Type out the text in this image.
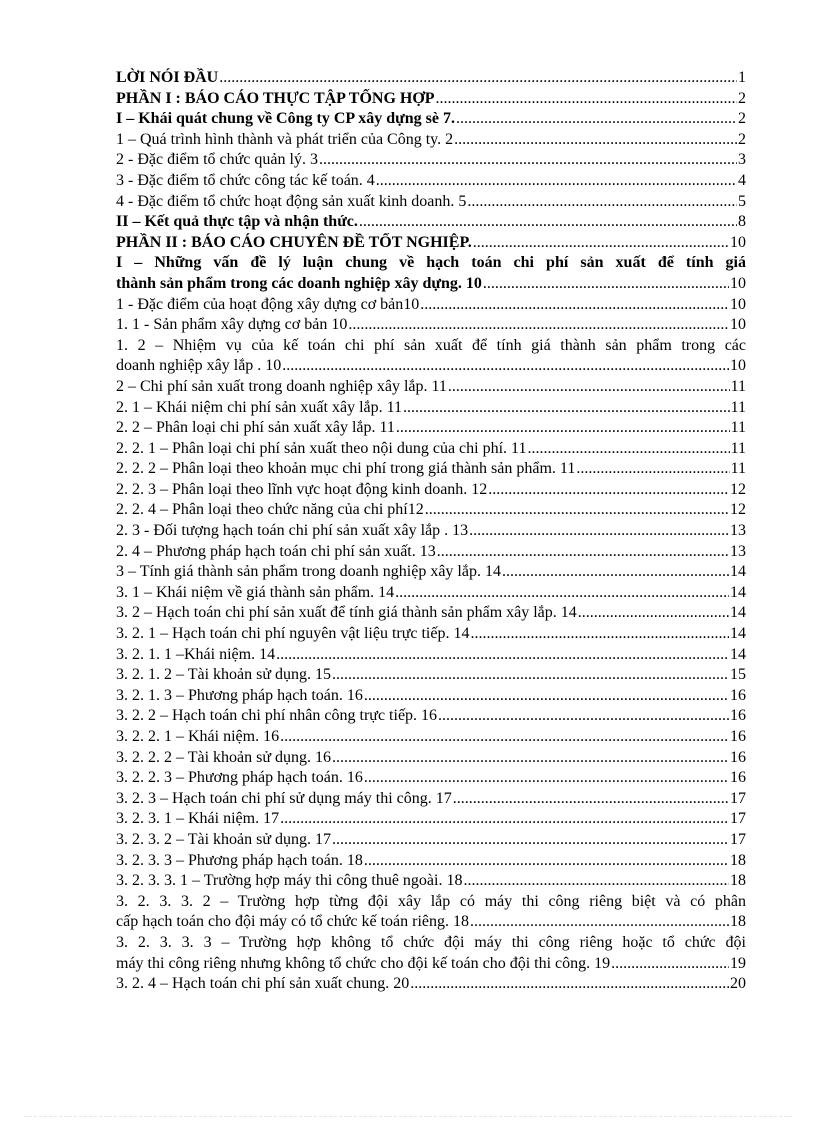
LỜI NÓI ĐẦU .....	1
PHẦN I : BÁO CÁO THỰC TẬP TỔNG HỢP .....	2
I – Khái quát chung về Công ty CP xây dựng sè 7. .....	2
1 – Quá trình hình thành và phát triển của Công ty. 2 .....	2
2 - Đặc điểm tổ chức quản lý. 3 .....	3
3 - Đặc điểm tổ chức công tác kế toán. 4 .....	4
4 - Đặc điểm tổ chức hoạt động sản xuất kinh doanh. 5 .....	5
II – Kết quả thực tập và nhận thức. .....	8
PHẦN II : BÁO CÁO CHUYÊN ĐỀ TỐT NGHIỆP. .....	10
I – Những vấn đề lý luận chung về hạch toán chi phí sản xuất để tính giá
thành sản phẩm trong các doanh nghiệp xây dựng. 10 .....	10
1 - Đặc điểm của hoạt động xây dựng cơ bản10 .....	10
1. 1 - Sản phẩm xây dựng cơ bản 10 .....	10
1. 2 – Nhiệm vụ của kế toán chi phí sản xuất để tính giá thành sản phẩm trong các
doanh nghiệp xây lắp . 10 .....	10
2 – Chi phí sản xuất trong doanh nghiệp xây lắp. 11 .....	11
2. 1 – Khái niệm chi phí sản xuất xây lắp. 11 .....	11
2. 2 – Phân loại chi phí sản xuất xây lắp. 11 .....	11
2. 2. 1 – Phân loại chi phí sản xuất theo nội dung của chi phí. 11 .....	11
2. 2. 2 – Phân loại theo khoản mục chi phí trong giá thành sản phẩm. 11 .....	11
2. 2. 3 – Phân loại theo lĩnh vực hoạt động kinh doanh. 12 .....	12
2. 2. 4 – Phân loại theo chức năng của chi phí12 .....	12
2. 3 - Đối tượng hạch toán chi phí sản xuất xây lắp . 13 .....	13
2. 4 – Phương pháp hạch toán chi phí sản xuất. 13 .....	13
3 – Tính giá thành sản phẩm trong doanh nghiệp xây lắp. 14 .....	14
3. 1 – Khái niệm về giá thành sản phẩm. 14 .....	14
3. 2 – Hạch toán chi phí sản xuất để tính giá thành sản phẩm xây lắp. 14 .....	14
3. 2. 1 – Hạch toán chi phí nguyên vật liệu trực tiếp. 14 .....	14
3. 2. 1. 1 –Khái niệm. 14 .....	14
3. 2. 1. 2 – Tài khoản sử dụng. 15 .....	15
3. 2. 1. 3 – Phương pháp hạch toán. 16 .....	16
3. 2. 2 – Hạch toán chi phí nhân công trực tiếp. 16 .....	16
3. 2. 2. 1 – Khái niệm. 16 .....	16
3. 2. 2. 2 – Tài khoản sử dụng. 16 .....	16
3. 2. 2. 3 – Phương pháp hạch toán. 16 .....	16
3. 2. 3 – Hạch toán chi phí sử dụng máy thi công. 17 .....	17
3. 2. 3. 1 – Khái niệm. 17 .....	17
3. 2. 3. 2 – Tài khoản sử dụng. 17 .....	17
3. 2. 3. 3 – Phương pháp hạch toán. 18 .....	18
3. 2. 3. 3. 1 – Trường hợp máy thi công thuê ngoài. 18 .....	18
3. 2. 3. 3. 2 – Trường hợp từng đội xây lắp có máy thi công riêng biệt và có phân
cấp hạch toán cho đội máy có tổ chức kế toán riêng. 18 .....	18
3. 2. 3. 3. 3 – Trường hợp không tổ chức đội máy thi công riêng hoặc tổ chức đội
máy thi công riêng nhưng không tổ chức cho đội kế toán cho đội thi công. 19 .....	19
3. 2. 4 – Hạch toán chi phí sản xuất chung. 20 .....	20
